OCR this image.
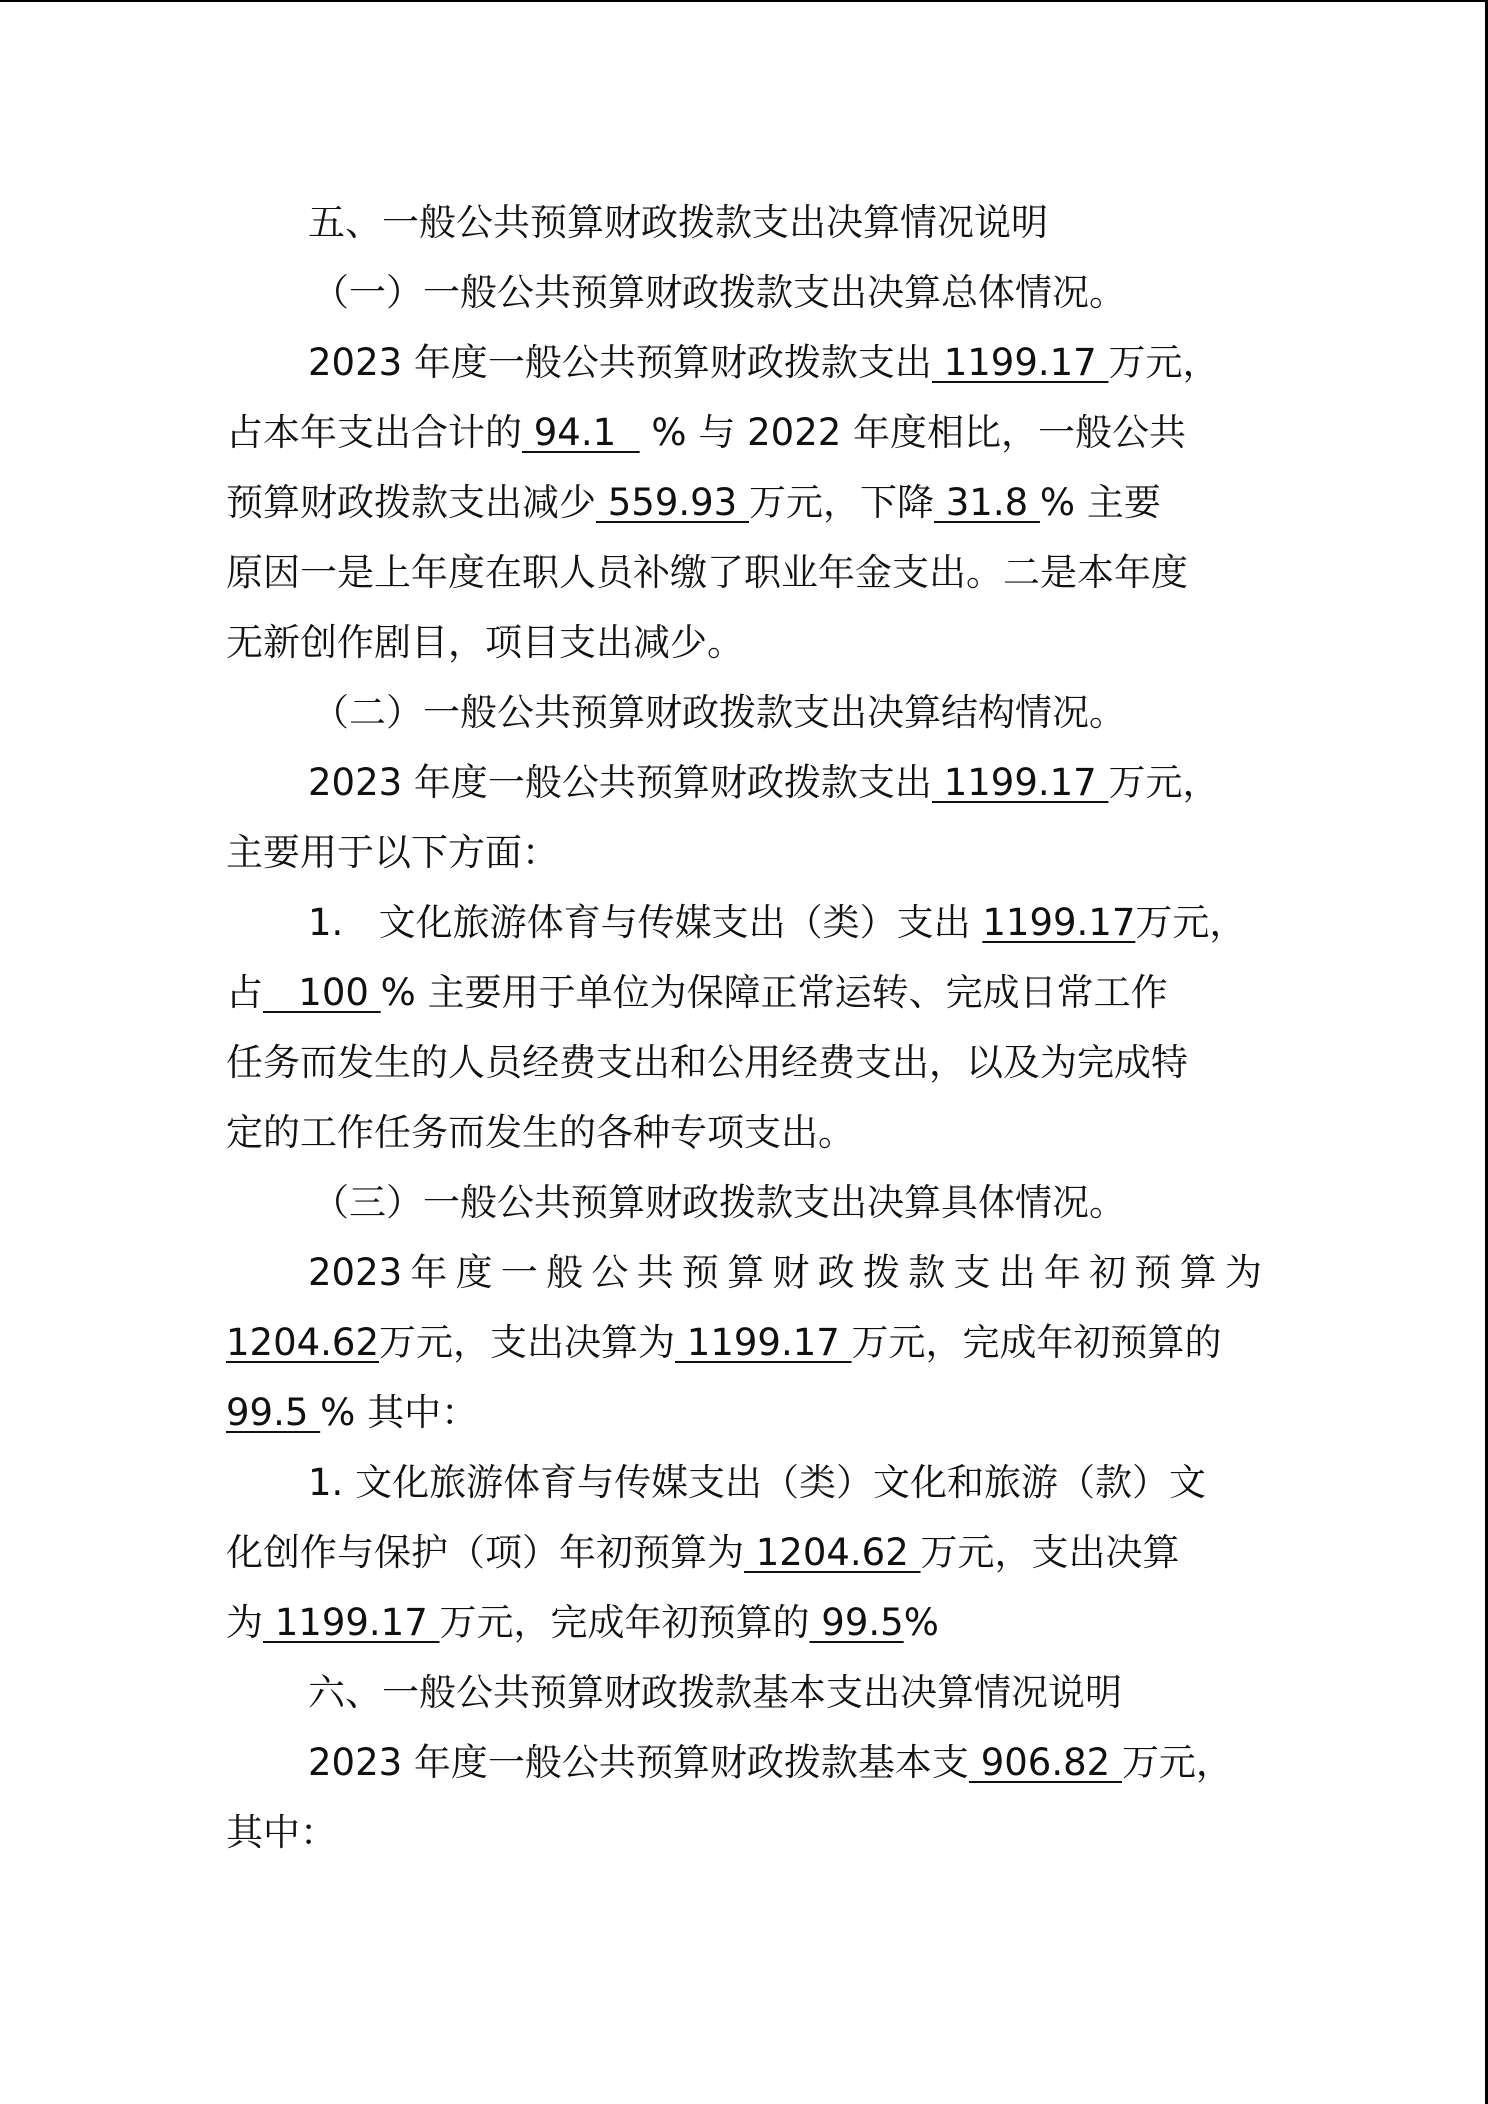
五、一般公共预算财政拨款支出决算情况说明
（一）一般公共预算财政拨款支出决算总体情况。
2023 年度一般公共预算财政拨款支出 1199.17 万元，
占本年支出合计的 94.1 % 与 2022 年度相比，一般公共
预算财政拨款支出减少 559.93 万元，下降 31.8 % 主要
原因一是上年度在职人员补缴了职业年金支出。二是本年度
无新创作剧目，项目支出减少。
（二）一般公共预算财政拨款支出决算结构情况。
2023 年度一般公共预算财政拨款支出 1199.17 万元，
主要用于以下方面：
1.   文化旅游体育与传媒支出（类）支出 1199.17 万元，
占 100 % 主要用于单位为保障正常运转、完成日常工作
任务而发生的人员经费支出和公用经费支出，以及为完成特
定的工作任务而发生的各种专项支出。
（三）一般公共预算财政拨款支出决算具体情况。
2023 年 度 一 般 公 共 预 算 财 政 拨 款 支 出 年 初 预 算 为
1204.62 万元，支出决算为 1199.17 万元，完成年初预算的
99.5 % 其中：
1. 文化旅游体育与传媒支出（类）文化和旅游（款）文
化创作与保护（项）年初预算为 1204.62 万元，支出决算
为 1199.17 万元，完成年初预算的 99.5 %
六、一般公共预算财政拨款基本支出决算情况说明
2023 年度一般公共预算财政拨款基本支 906.82 万元，
其中：
